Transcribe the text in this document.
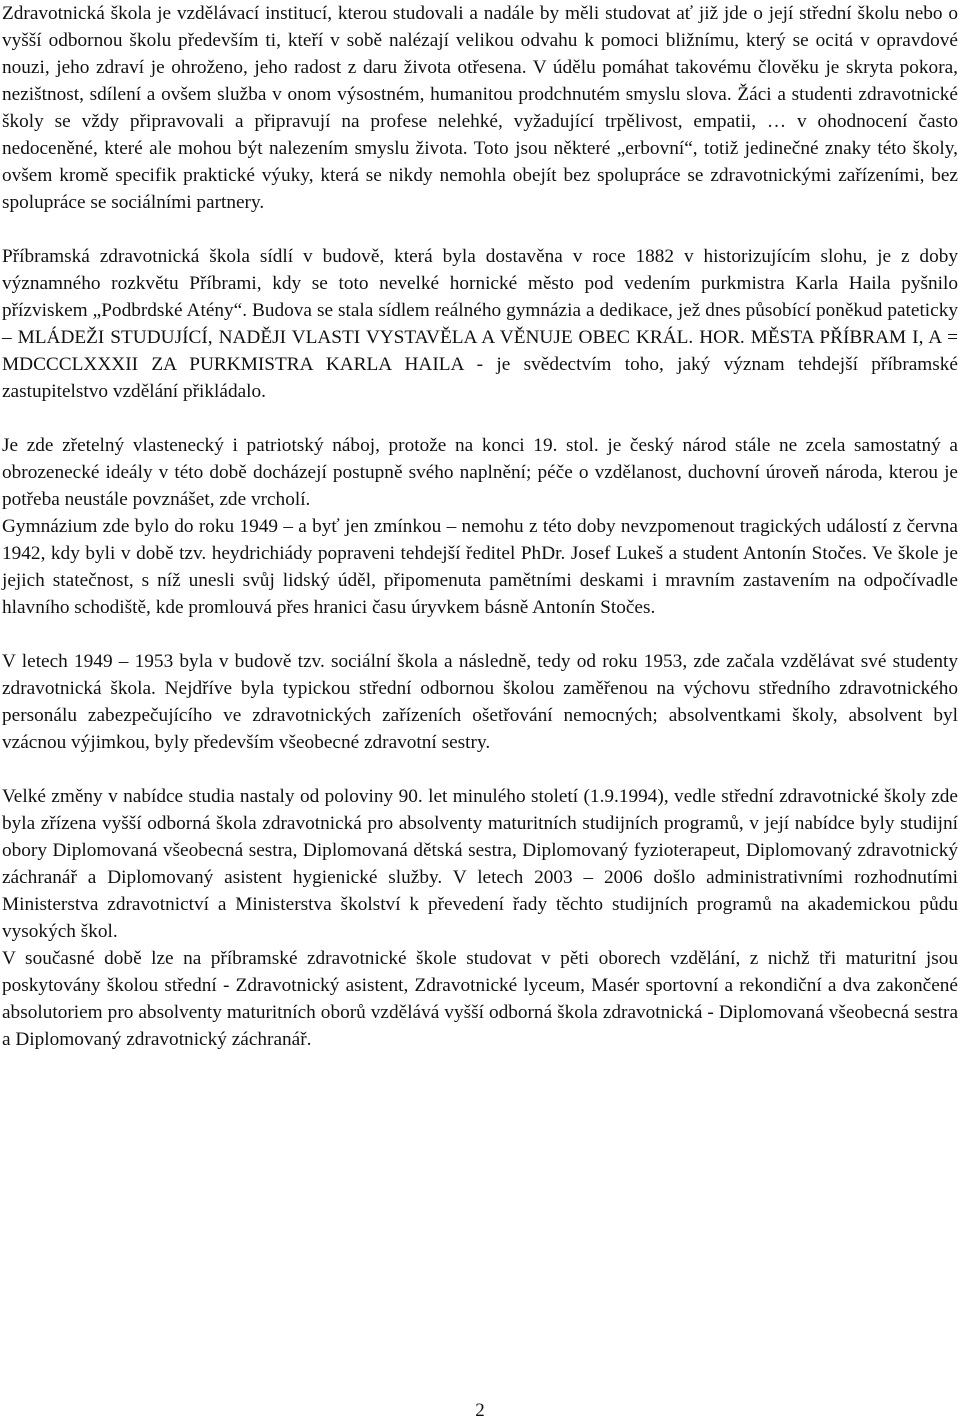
Zdravotnická škola je vzdělávací institucí, kterou studovali a nadále by měli studovat ať již jde o její střední školu nebo o vyšší odbornou školu především ti, kteří v sobě nalézají velikou odvahu k pomoci bližnímu, který se ocitá v opravdové nouzi, jeho zdraví je ohroženo, jeho radost z daru života otřesena. V údělu pomáhat takovému člověku je skryta pokora, nezištnost, sdílení a ovšem služba v onom výsostném, humanitou prodchnutém smyslu slova. Žáci a studenti zdravotnické školy se vždy připravovali a připravují na profese nelehké, vyžadující trpělivost, empatii, … v ohodnocení často nedoceněné, které ale mohou být nalezením smyslu života. Toto jsou některé „erbovní“, totiž jedinečné znaky této školy, ovšem kromě specifik praktické výuky, která se nikdy nemohla obejít bez spolupráce se zdravotnickými zařízeními, bez spolupráce se sociálními partnery.

Příbramská zdravotnická škola sídlí v budově, která byla dostavěna v roce 1882 v historizujícím slohu, je z doby významného rozkvětu Příbrami, kdy se toto nevelké hornické město pod vedením purkmistra Karla Haila pyšnilo přízviskem „Podbrdské Atény“. Budova se stala sídlem reálného gymnázia a dedikace, jež dnes působící poněkud pateticky – MLÁDEŽI STUDUJÍCÍ, NADĚJI VLASTI VYSTAVĚLA A VĚNUJE OBEC KRÁL. HOR. MĚSTA PŘÍBRAM I, A = MDCCCLXXXII ZA PURKMISTRA KARLA HAILA - je svědectvím toho, jaký význam tehdejší příbramské zastupitelstvo vzdělání přikládalo.

Je zde zřetelný vlastenecký i patriotský náboj, protože na konci 19. stol. je český národ stále ne zcela samostatný a obrozenecké ideály v této době docházejí postupně svého naplnění; péče o vzdělanost, duchovní úroveň národa, kterou je potřeba neustále povznášet, zde vrcholí.

Gymnázium zde bylo do roku 1949 – a byť jen zmínkou – nemohu z této doby nevzpomenout tragických událostí z června 1942, kdy byli v době tzv. heydrichiády popraveni tehdejší ředitel PhDr. Josef Lukeš a student Antonín Stočes. Ve škole je jejich statečnost, s níž unesli svůj lidský úděl, připomenuta pamětními deskami i mravním zastavením na odpočívadle hlavního schodiště, kde promlouvá přes hranici času úryvkem básně Antonín Stočes.

V letech 1949 – 1953 byla v budově tzv. sociální škola a následně, tedy od roku 1953, zde začala vzdělávat své studenty zdravotnická škola. Nejdříve byla typickou střední odbornou školou zaměřenou na výchovu středního zdravotnického personálu zabezpečujícího ve zdravotnických zařízeních ošetřování nemocných; absolventkami školy, absolvent byl vzácnou výjimkou, byly především všeobecné zdravotní sestry.

Velké změny v nabídce studia nastaly od poloviny 90. let minulého století (1.9.1994), vedle střední zdravotnické školy zde byla zřízena vyšší odborná škola zdravotnická pro absolventy maturitních studijních programů, v její nabídce byly studijní obory Diplomovaná všeobecná sestra, Diplomovaná dětská sestra, Diplomovaný fyzioterapeut, Diplomovaný zdravotnický záchranář a Diplomovaný asistent hygienické služby. V letech 2003 – 2006 došlo administrativními rozhodnutími Ministerstva zdravotnictví a Ministerstva školství k převedení řady těchto studijních programů na akademickou půdu vysokých škol.

V současné době lze na příbramské zdravotnické škole studovat v pěti oborech vzdělání, z nichž tři maturitní jsou poskytovány školou střední - Zdravotnický asistent, Zdravotnické lyceum, Masér sportovní a rekondiční a dva zakončené absolutoriem pro absolventy maturitních oborů vzdělává vyšší odborná škola zdravotnická - Diplomovaná všeobecná sestra a Diplomovaný zdravotnický záchranář.

2
